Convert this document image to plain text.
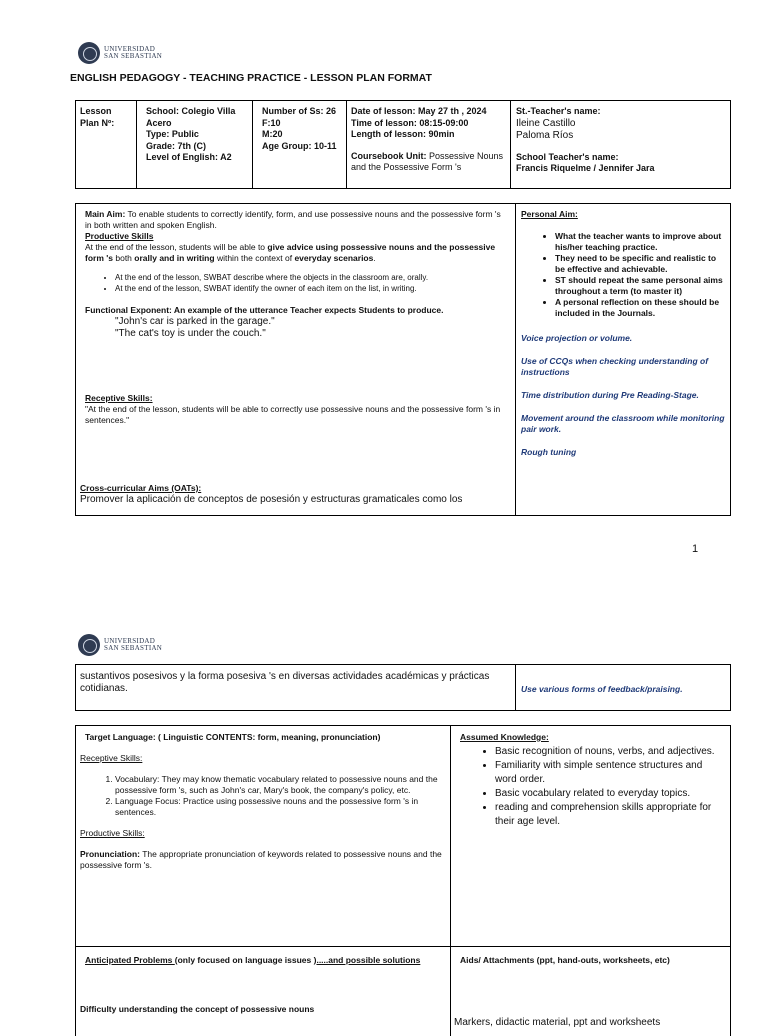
UNIVERSIDAD
SAN SEBASTIAN
ENGLISH PEDAGOGY - TEACHING PRACTICE - LESSON PLAN FORMAT
Lesson Plan Nº:

School: Colegio Villa Acero

Type: Public

Grade: 7th (C)

Level of English: A2

Number of Ss: 26

F:10

M:20

Age Group: 10-11

Date of lesson: May 27 th , 2024

Time of lesson: 08:15-09:00

Length of lesson: 90min

Coursebook Unit: Possessive Nouns and the Possessive Form 's

St.-Teacher's name:

Ileine Castillo

Paloma Ríos

School Teacher's name:

Francis Riquelme / Jennifer Jara

Main Aim: To enable students to correctly identify, form, and use possessive nouns and the possessive form 's in both written and spoken English.

Productive Skills

At the end of the lesson, students will be able to give advice using possessive nouns and the possessive form 's both orally and in writing within the context of everyday scenarios.

• At the end of the lesson, SWBAT describe where the objects in the classroom are, orally.
• At the end of the lesson, SWBAT identify the owner of each item on the list, in writing.

Functional Exponent: An example of the utterance Teacher expects Students to produce.

"John's car is parked in the garage."

"The cat's toy is under the couch."

Receptive Skills:

"At the end of the lesson, students will be able to correctly use possessive nouns and the possessive form 's in sentences."

Cross-curricular Aims (OATs):

Promover la aplicación de conceptos de posesión y estructuras gramaticales como los

Personal Aim:

• What the teacher wants to improve about his/her teaching practice.
• They need to be specific and realistic to be effective and achievable.
• ST should repeat the same personal aims throughout a term (to master it)
• A personal reflection on these should be included in the Journals.

Voice projection or volume.

Use of CCQs when checking understanding of instructions

Time distribution during Pre Reading-Stage.

Movement around the classroom while monitoring pair work.

Rough tuning

1
UNIVERSIDAD
SAN SEBASTIAN
sustantivos posesivos y la forma posesiva 's en diversas actividades académicas y prácticas cotidianas.	Use various forms of feedback/praising.

Target Language: ( Linguistic CONTENTS: form, meaning, pronunciation)

Receptive Skills:

1. Vocabulary: They may know thematic vocabulary related to possessive nouns and the possessive form 's, such as John's car, Mary's book, the company's policy, etc.
2. Language Focus: Practice using possessive nouns and the possessive form 's in sentences.

Productive Skills:

Pronunciation: The appropriate pronunciation of keywords related to possessive nouns and the possessive form 's.

Assumed Knowledge:

• Basic recognition of nouns, verbs, and adjectives.
• Familiarity with simple sentence structures and word order.
• Basic vocabulary related to everyday topics.
• reading and comprehension skills appropriate for their age level.
Anticipated Problems (only focused on language issues ).....and possible solutions
Difficulty understanding the concept of possessive nouns
Aids/ Attachments (ppt, hand-outs, worksheets, etc)
Markers, didactic material, ppt and worksheets
